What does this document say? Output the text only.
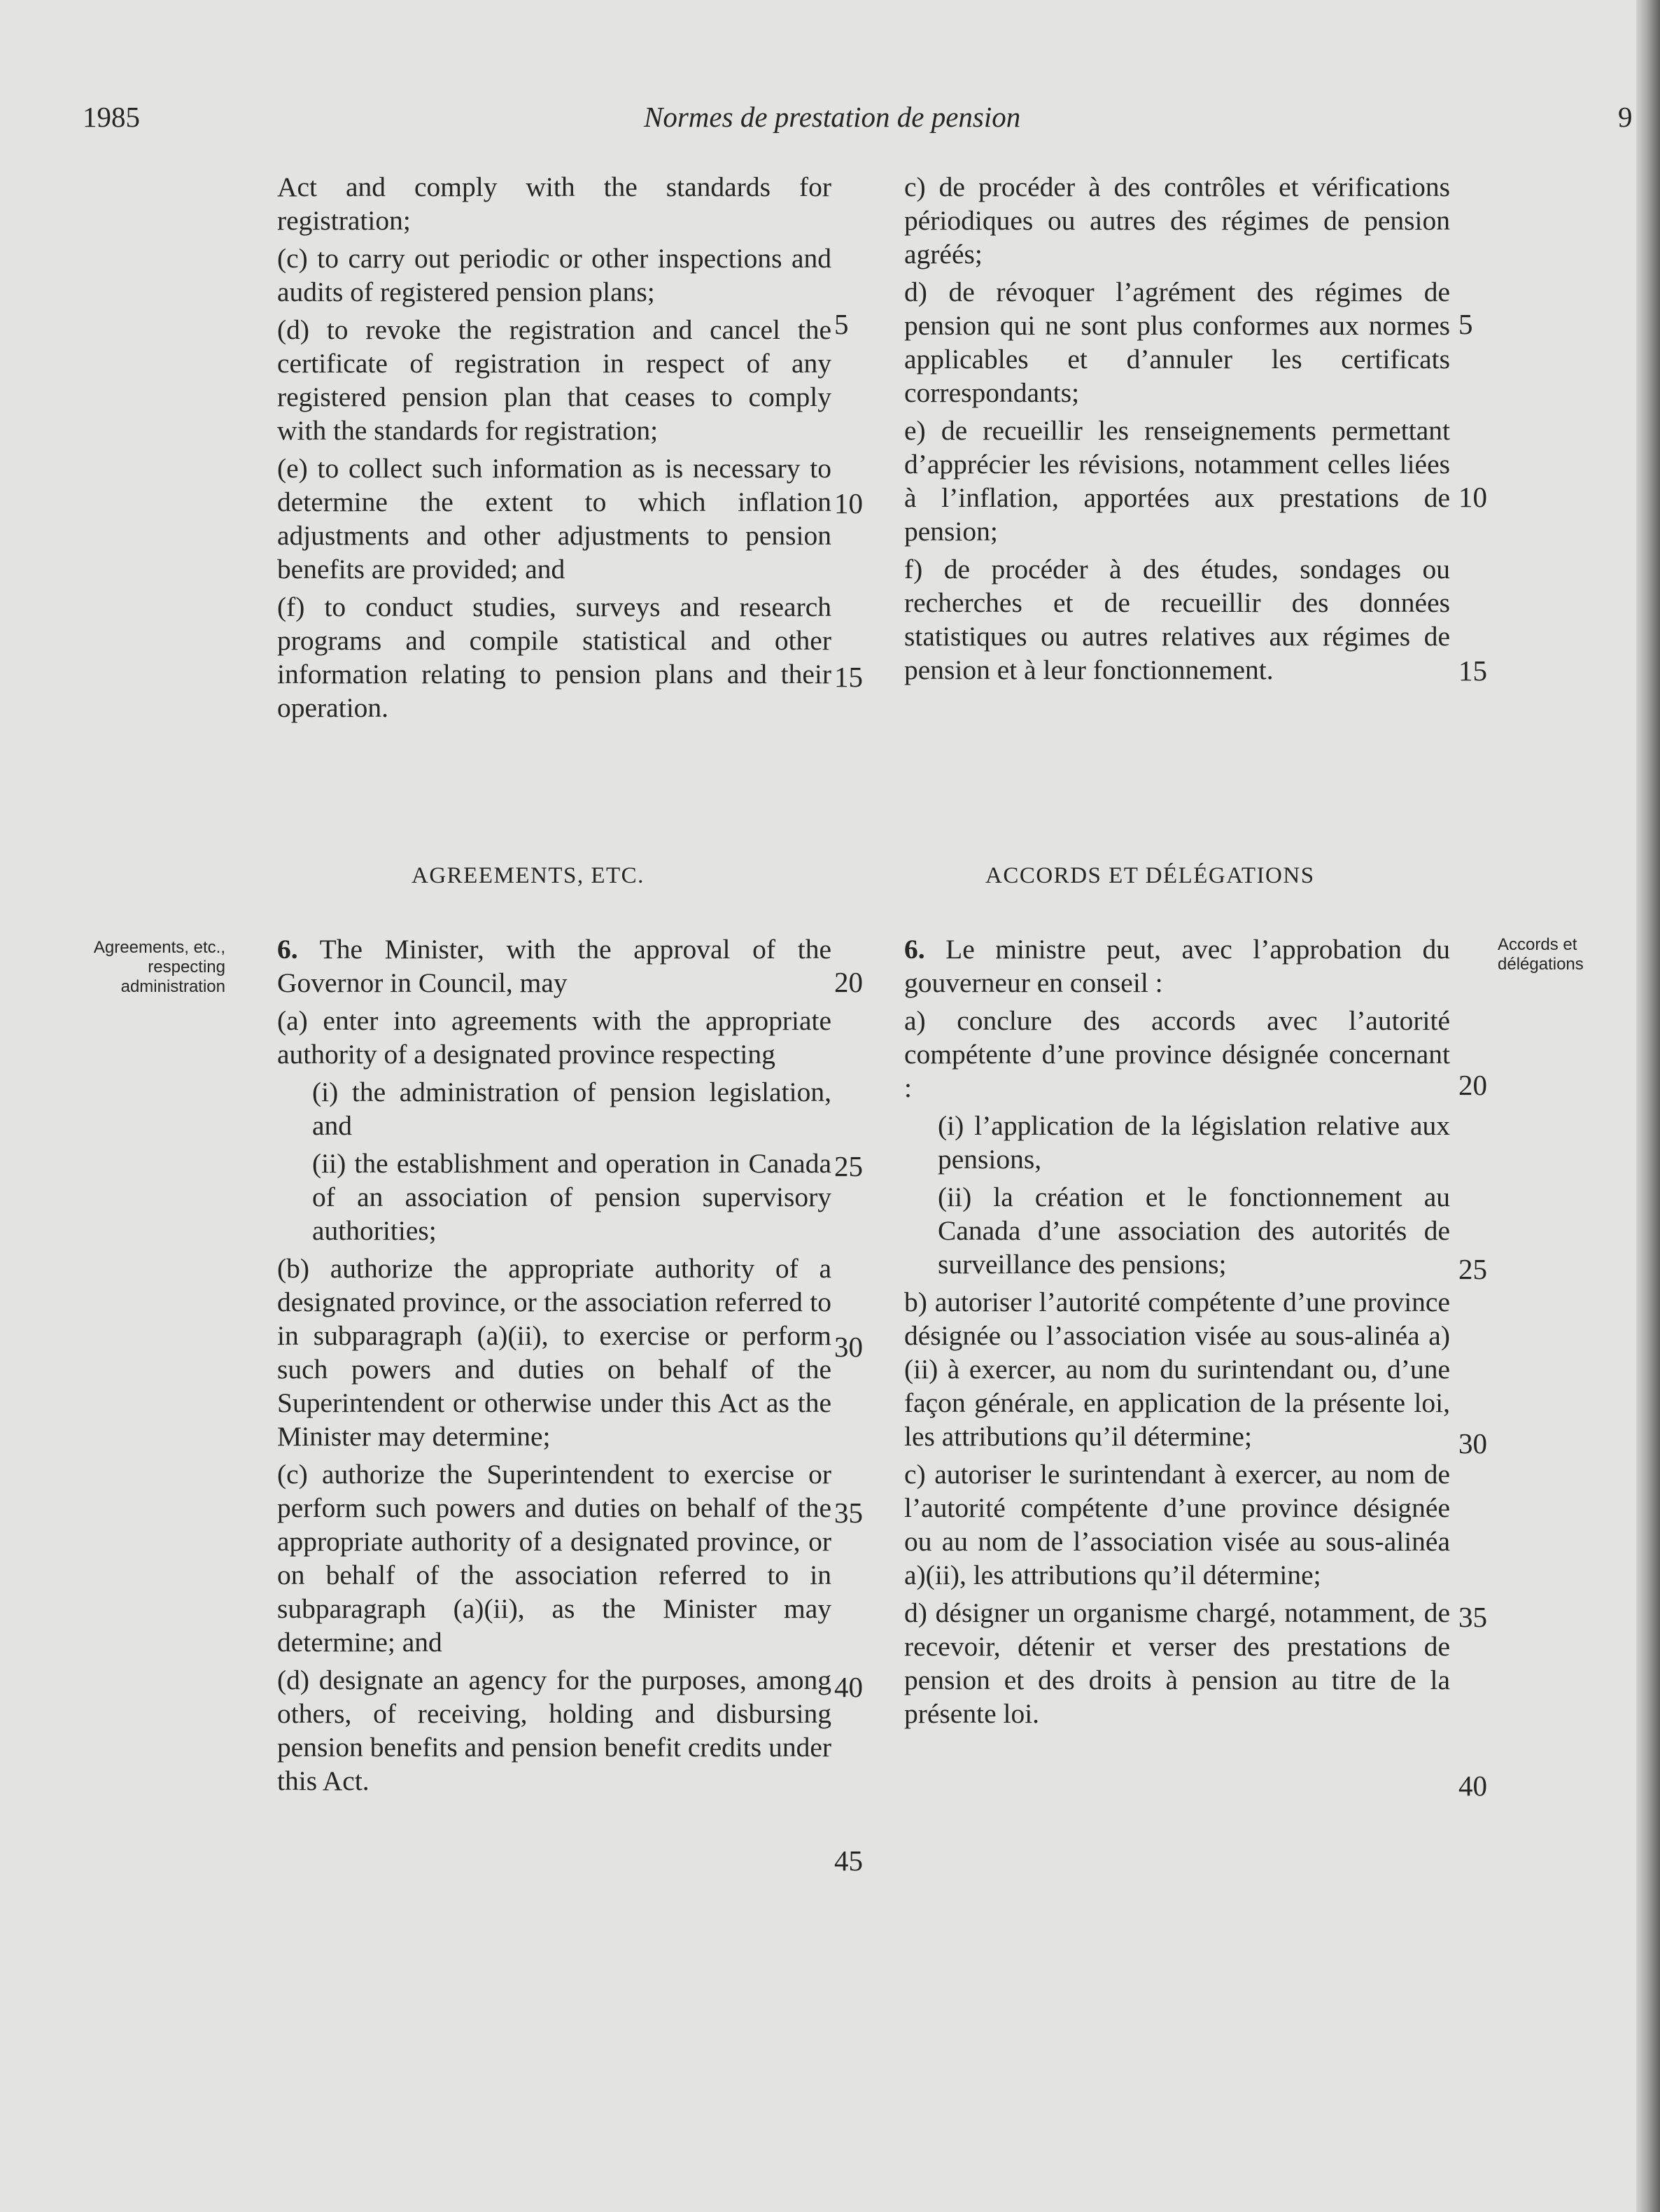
1985	Normes de prestation de pension	9
Act and comply with the standards for registration;
(c) to carry out periodic or other inspections and audits of registered pension plans;
(d) to revoke the registration and cancel the certificate of registration in respect of any registered pension plan that ceases to comply with the standards for registration;
(e) to collect such information as is necessary to determine the extent to which inflation adjustments and other adjustments to pension benefits are provided; and
(f) to conduct studies, surveys and research programs and compile statistical and other information relating to pension plans and their operation.
c) de procéder à des contrôles et vérifications périodiques ou autres des régimes de pension agréés;
d) de révoquer l’agrément des régimes de pension qui ne sont plus conformes aux normes applicables et d’annuler les certificats correspondants;
e) de recueillir les renseignements permettant d’apprécier les révisions, notamment celles liées à l’inflation, apportées aux prestations de pension;
f) de procéder à des études, sondages ou recherches et de recueillir des données statistiques ou autres relatives aux régimes de pension et à leur fonctionnement.
AGREEMENTS, ETC.	ACCORDS ET DÉLÉGATIONS
Agreements, etc., respecting administration
Accords et délégations
6. The Minister, with the approval of the Governor in Council, may
(a) enter into agreements with the appropriate authority of a designated province respecting
(i) the administration of pension legislation, and
(ii) the establishment and operation in Canada of an association of pension supervisory authorities;
(b) authorize the appropriate authority of a designated province, or the association referred to in subparagraph (a)(ii), to exercise or perform such powers and duties on behalf of the Superintendent or otherwise under this Act as the Minister may determine;
(c) authorize the Superintendent to exercise or perform such powers and duties on behalf of the appropriate authority of a designated province, or on behalf of the association referred to in subparagraph (a)(ii), as the Minister may determine; and
(d) designate an agency for the purposes, among others, of receiving, holding and disbursing pension benefits and pension benefit credits under this Act.
6. Le ministre peut, avec l’approbation du gouverneur en conseil :
a) conclure des accords avec l’autorité compétente d’une province désignée concernant :
(i) l’application de la législation relative aux pensions,
(ii) la création et le fonctionnement au Canada d’une association des autorités de surveillance des pensions;
b) autoriser l’autorité compétente d’une province désignée ou l’association visée au sous-alinéa a)(ii) à exercer, au nom du surintendant ou, d’une façon générale, en application de la présente loi, les attributions qu’il détermine;
c) autoriser le surintendant à exercer, au nom de l’autorité compétente d’une province désignée ou au nom de l’association visée au sous-alinéa a)(ii), les attributions qu’il détermine;
d) désigner un organisme chargé, notamment, de recevoir, détenir et verser des prestations de pension et des droits à pension au titre de la présente loi.
5
10
15
20
25
30
35
40
45
5
10
15
20
25
30
35
40
